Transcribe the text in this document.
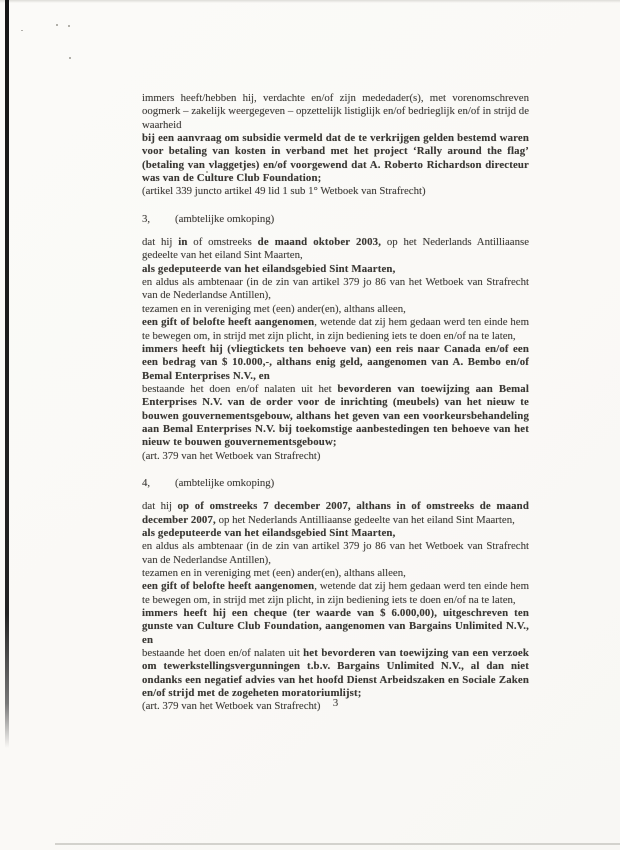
immers heeft/hebben hij, verdachte en/of zijn mededader(s), met vorenomschreven oogmerk – zakelijk weergegeven – opzettelijk listiglijk en/of bedrieglijk en/of in strijd de waarheid

bij een aanvraag om subsidie vermeld dat de te verkrijgen gelden bestemd waren voor betaling van kosten in verband met het project ‘Rally around the flag’ (betaling van vlaggetjes) en/of voorgewend dat A. Roberto Richardson directeur was van de Culture Club Foundation;

(artikel 339 juncto artikel 49 lid 1 sub 1° Wetboek van Strafrecht)

3, (ambtelijke omkoping)

dat hij in of omstreeks de maand oktober 2003, op het Nederlands Antilliaanse gedeelte van het eiland Sint Maarten,

als gedeputeerde van het eilandsgebied Sint Maarten,

en aldus als ambtenaar (in de zin van artikel 379 jo 86 van het Wetboek van Strafrecht van de Nederlandse Antillen),

tezamen en in vereniging met (een) ander(en), althans alleen,

een gift of belofte heeft aangenomen, wetende dat zij hem gedaan werd ten einde hem te bewegen om, in strijd met zijn plicht, in zijn bediening iets te doen en/of na te laten,

immers heeft hij (vliegtickets ten behoeve van) een reis naar Canada en/of een een bedrag van $ 10.000,-, althans enig geld, aangenomen van A. Bembo en/of Bemal Enterprises N.V., en

bestaande het doen en/of nalaten uit het bevorderen van toewijzing aan Bemal Enterprises N.V. van de order voor de inrichting (meubels) van het nieuw te bouwen gouvernementsgebouw, althans het geven van een voorkeursbehandeling aan Bemal Enterprises N.V. bij toekomstige aanbestedingen ten behoeve van het nieuw te bouwen gouvernementsgebouw;

(art. 379 van het Wetboek van Strafrecht)

4, (ambtelijke omkoping)

dat hij op of omstreeks 7 december 2007, althans in of omstreeks de maand december 2007, op het Nederlands Antilliaanse gedeelte van het eiland Sint Maarten,

als gedeputeerde van het eilandsgebied Sint Maarten,

en aldus als ambtenaar (in de zin van artikel 379 jo 86 van het Wetboek van Strafrecht van de Nederlandse Antillen),

tezamen en in vereniging met (een) ander(en), althans alleen,

een gift of belofte heeft aangenomen, wetende dat zij hem gedaan werd ten einde hem te bewegen om, in strijd met zijn plicht, in zijn bediening iets te doen en/of na te laten,

immers heeft hij een cheque (ter waarde van $ 6.000,00), uitgeschreven ten gunste van Culture Club Foundation, aangenomen van Bargains Unlimited N.V., en

bestaande het doen en/of nalaten uit het bevorderen van toewijzing van een verzoek om tewerkstellingsvergunningen t.b.v. Bargains Unlimited N.V., al dan niet ondanks een negatief advies van het hoofd Dienst Arbeidszaken en Sociale Zaken en/of strijd met de zogeheten moratoriumlijst;

(art. 379 van het Wetboek van Strafrecht)	3
